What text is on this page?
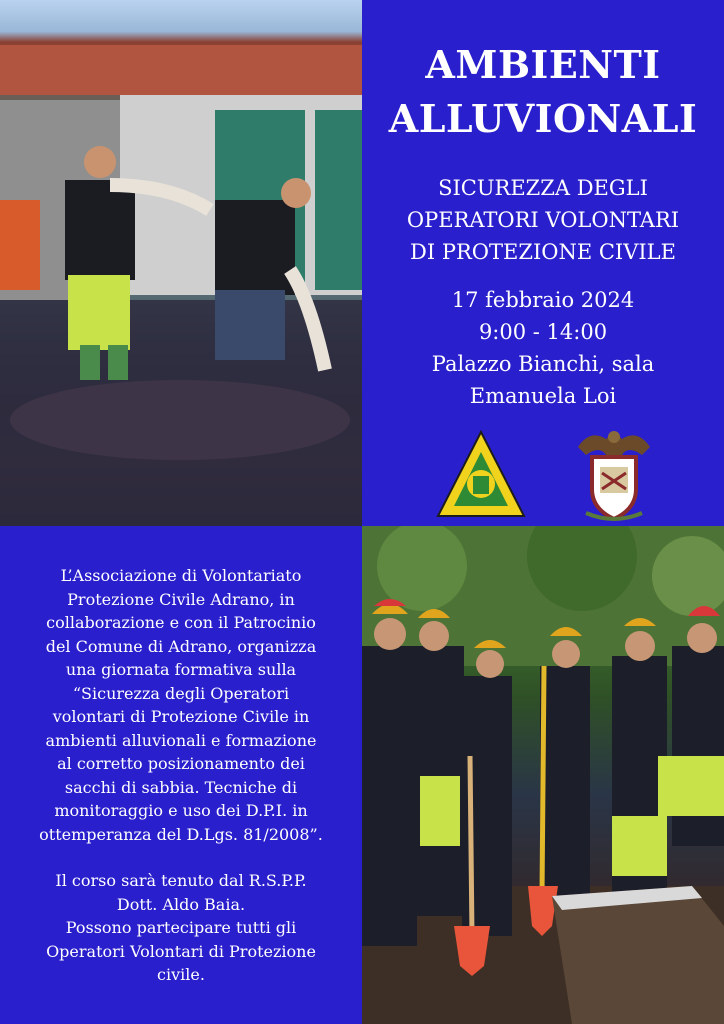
AMBIENTI
ALLUVIONALI
SICUREZZA DEGLI
OPERATORI VOLONTARI
DI PROTEZIONE CIVILE
17 febbraio 2024
9:00 - 14:00
Palazzo Bianchi, sala
Emanuela Loi

L’Associazione di Volontariato

Protezione Civile Adrano, in

collaborazione e con il Patrocinio

del Comune di Adrano, organizza

una giornata formativa sulla

“Sicurezza degli Operatori

volontari di Protezione Civile in

ambienti alluvionali e formazione

al corretto posizionamento dei

sacchi di sabbia. Tecniche di

monitoraggio e uso dei D.P.I. in

ottemperanza del D.Lgs. 81/2008”.

Il corso sarà tenuto dal R.S.P.P.

Dott. Aldo Baia.

Possono partecipare tutti gli

Operatori Volontari di Protezione

civile.
